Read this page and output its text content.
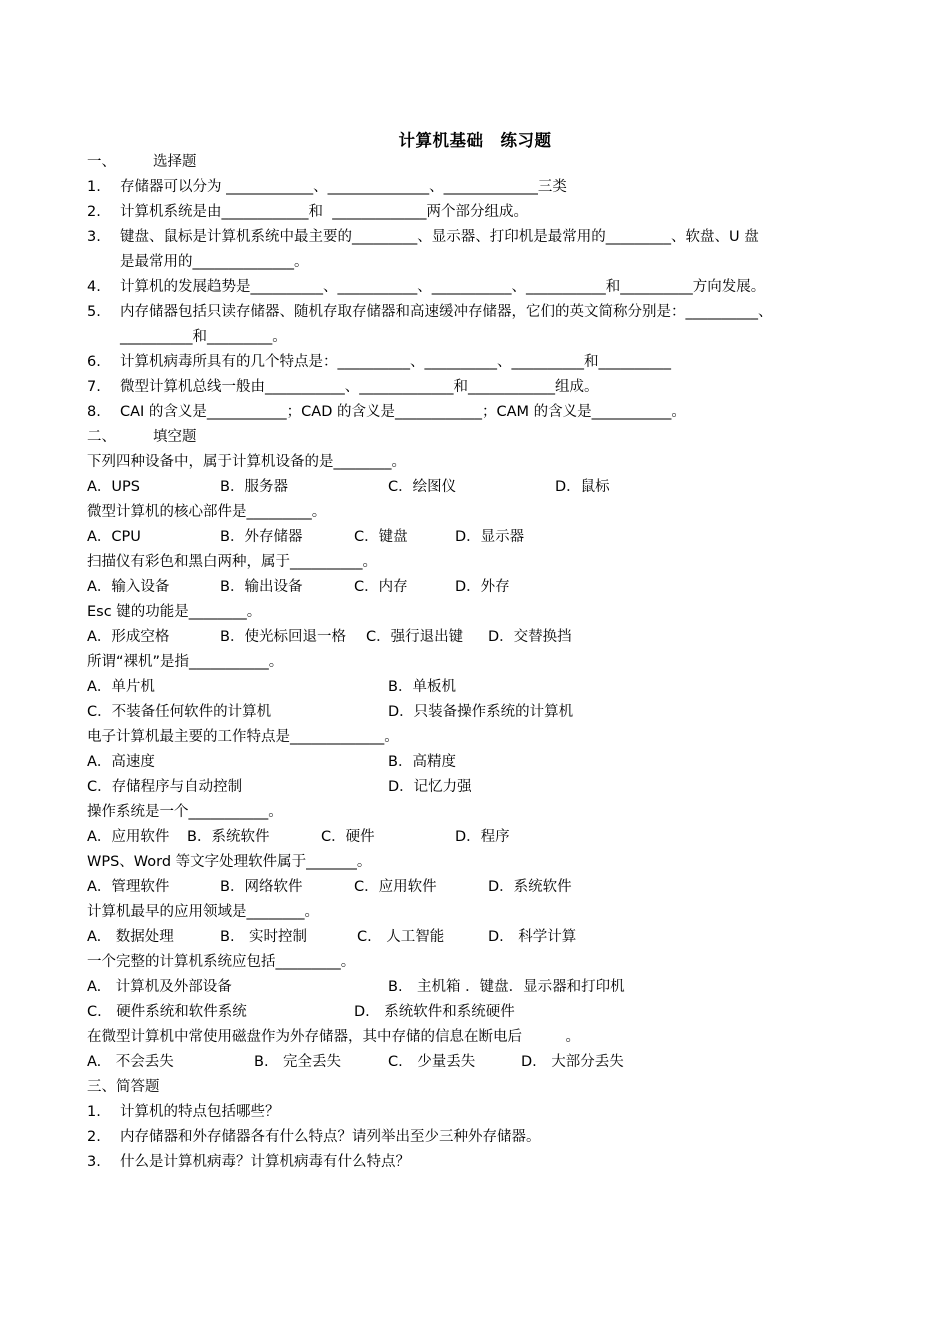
计算机基础　练习题
一、	选择题
1. 存储器可以分为 ____________、______________、_____________三类
2. 计算机系统是由____________和  _____________两个部分组成。
3. 键盘、鼠标是计算机系统中最主要的_________、显示器、打印机是最常用的_________、软盘、U 盘
是最常用的______________。
4. 计算机的发展趋势是__________、___________、___________、___________和__________方向发展。
5. 内存储器包括只读存储器、随机存取存储器和高速缓冲存储器，它们的英文简称分别是：__________、
__________和_________。
6. 计算机病毒所具有的几个特点是：__________、__________、__________和__________
7. 微型计算机总线一般由___________、_____________和____________组成。
8. CAI 的含义是___________；CAD 的含义是____________；CAM 的含义是___________。
二、	填空题
下列四种设备中，属于计算机设备的是________。
A．UPS	B．服务器	C．绘图仪	D．鼠标
微型计算机的核心部件是_________。
A．CPU	B．外存储器	C．键盘	D．显示器
扫描仪有彩色和黑白两种，属于__________。
A．输入设备	B．输出设备	C．内存	D．外存
Esc 键的功能是________。
A．形成空格	B．使光标回退一格 C．强行退出键 D．交替换挡
所谓“裸机”是指___________。
A．单片机	B．单板机
C．不装备任何软件的计算机	D．只装备操作系统的计算机
电子计算机最主要的工作特点是_____________。
A．高速度	B．高精度
C．存储程序与自动控制	D．记忆力强
操作系统是一个___________。
A．应用软件 B．系统软件	C．硬件	D．程序
WPS、Word 等文字处理软件属于_______。
A．管理软件	B．网络软件	C．应用软件	D．系统软件
计算机最早的应用领域是________。
A.　数据处理	B.　实时控制	C.　人工智能	D.　科学计算
一个完整的计算机系统应包括_________。
A.　计算机及外部设备	B.　主机箱 ．键盘．显示器和打印机
C.　硬件系统和软件系统	D.　系统软件和系统硬件
在微型计算机中常使用磁盘作为外存储器，其中存储的信息在断电后　　　。
A.　不会丢失	B.　完全丢失	C.　少量丢失	D.　大部分丢失
三、简答题
1. 计算机的特点包括哪些？
2. 内存储器和外存储器各有什么特点？请列举出至少三种外存储器。
3. 什么是计算机病毒？计算机病毒有什么特点？
